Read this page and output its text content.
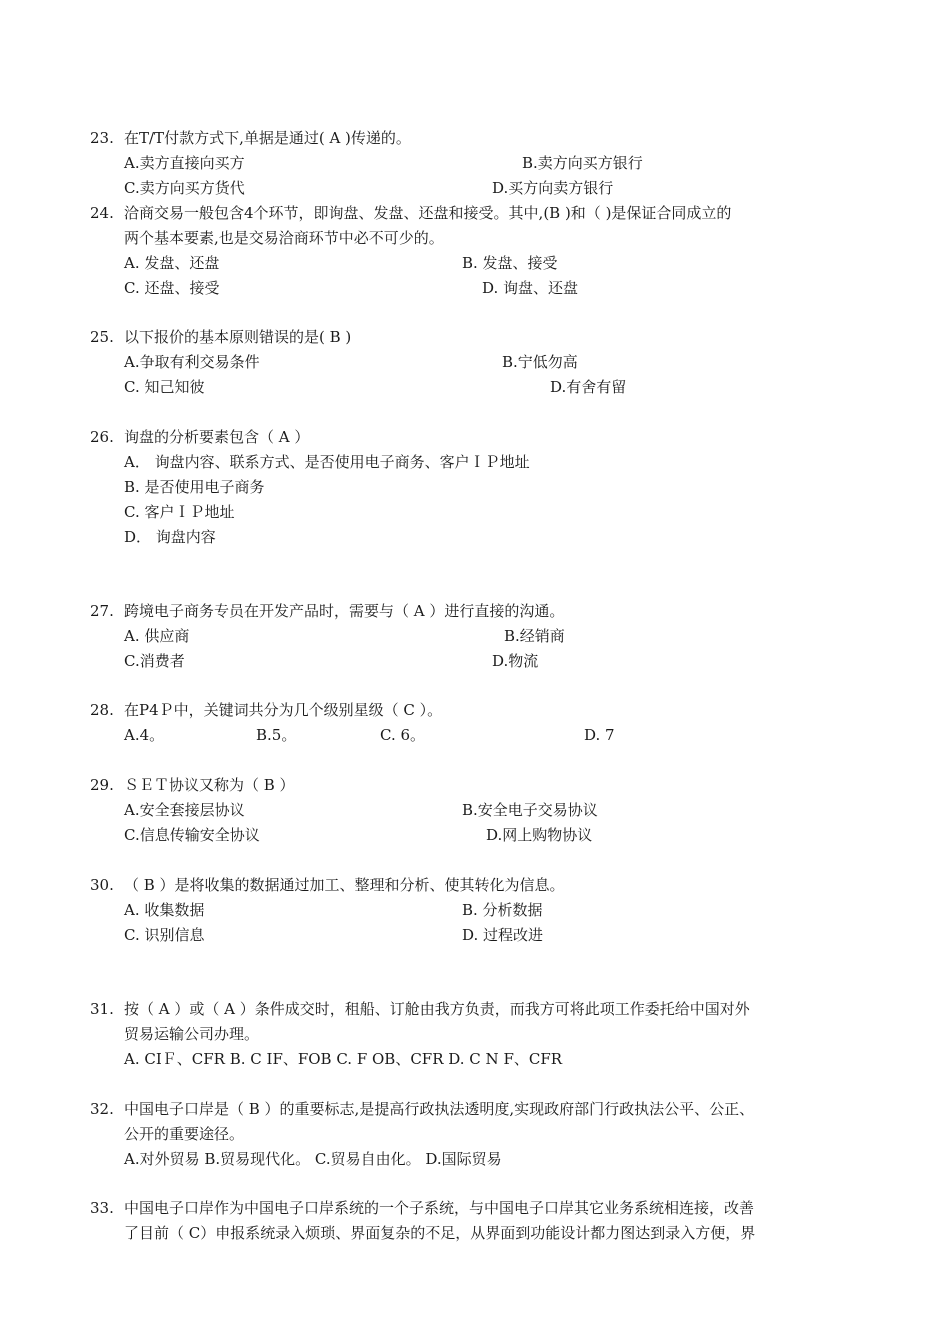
23. 在T/T付款方式下,单据是通过( A )传递的。
A.卖方直接向买方	B.卖方向买方银行
C.卖方向买方货代	D.买方向卖方银行
24. 洽商交易一般包含4个环节，即询盘、发盘、还盘和接受。其中,(B )和（ )是保证合同成立的
两个基本要素,也是交易洽商环节中必不可少的。
A. 发盘、还盘	B. 发盘、接受
C. 还盘、接受	D. 询盘、还盘
25. 以下报价的基本原则错误的是( B )
A.争取有利交易条件	B.宁低勿高
C. 知己知彼	D.有舍有留
26. 询盘的分析要素包含（ A ）
A． 询盘内容、联系方式、是否使用电子商务、客户ＩＰ地址
B. 是否使用电子商务
C. 客户ＩＰ地址
D． 询盘内容
27. 跨境电子商务专员在开发产品时，需要与（ A ）进行直接的沟通。
A. 供应商	B.经销商
C.消费者	D.物流
28. 在P4Ｐ中，关键词共分为几个级别星级（ C ）。
A.4。	B.5。	C. 6。	D. 7
29. ＳＥＴ协议又称为（ B ）
A.安全套接层协议	B.安全电子交易协议
C.信息传输安全协议	D.网上购物协议
30. （ B ）是将收集的数据通过加工、整理和分析、使其转化为信息。
A. 收集数据	B. 分析数据
C. 识别信息	D. 过程改进
31. 按（ A ）或（ A ）条件成交时，租船、订舱由我方负责，而我方可将此项工作委托给中国对外
贸易运输公司办理。
A. CIＦ、CFR B. C IF、FOB C. F OB、CFR D. C N F、CFR
32. 中国电子口岸是（ B ）的重要标志,是提高行政执法透明度,实现政府部门行政执法公平、公正、
公开的重要途径。
A.对外贸易 B.贸易现代化。 C.贸易自由化。 D.国际贸易
33. 中国电子口岸作为中国电子口岸系统的一个子系统，与中国电子口岸其它业务系统相连接，改善
了目前（ C）申报系统录入烦琐、界面复杂的不足，从界面到功能设计都力图达到录入方便，界
